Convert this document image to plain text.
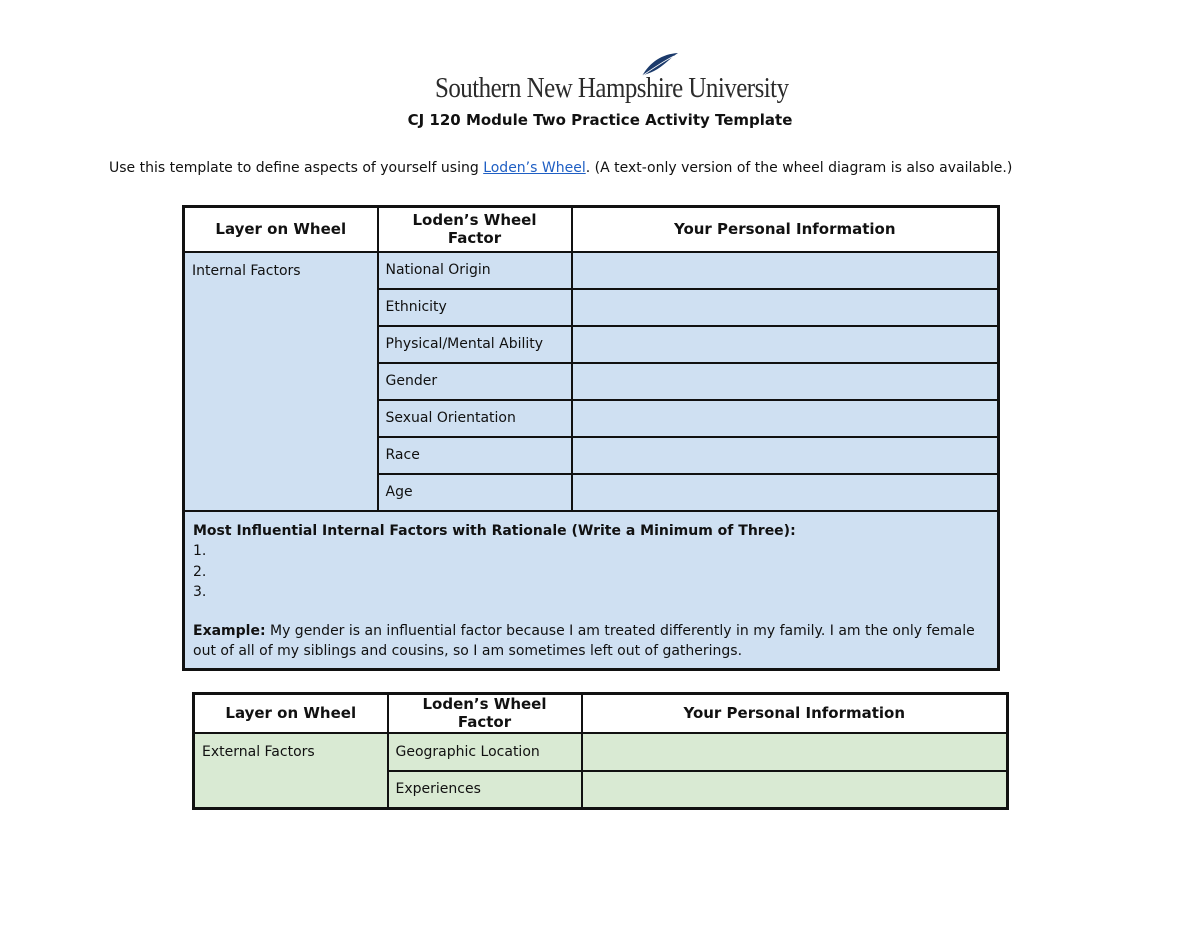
Southern New Hampshire University
CJ 120 Module Two Practice Activity Template
Use this template to define aspects of yourself using Loden’s Wheel. (A text-only version of the wheel diagram is also available.)
Layer on Wheel	Loden’s Wheel Factor	Your Personal Information
Internal Factors	National Origin	
	Ethnicity	
	Physical/Mental Ability	
	Gender	
	Sexual Orientation	
	Race	
	Age	

Most Influential Internal Factors with Rationale (Write a Minimum of Three):
1.
2.
3.
Example: My gender is an influential factor because I am treated differently in my family. I am the only female out of all of my siblings and cousins, so I am sometimes left out of gatherings.		
Layer on Wheel	Loden’s Wheel Factor	Your Personal Information
External Factors	Geographic Location	
	Experiences	
